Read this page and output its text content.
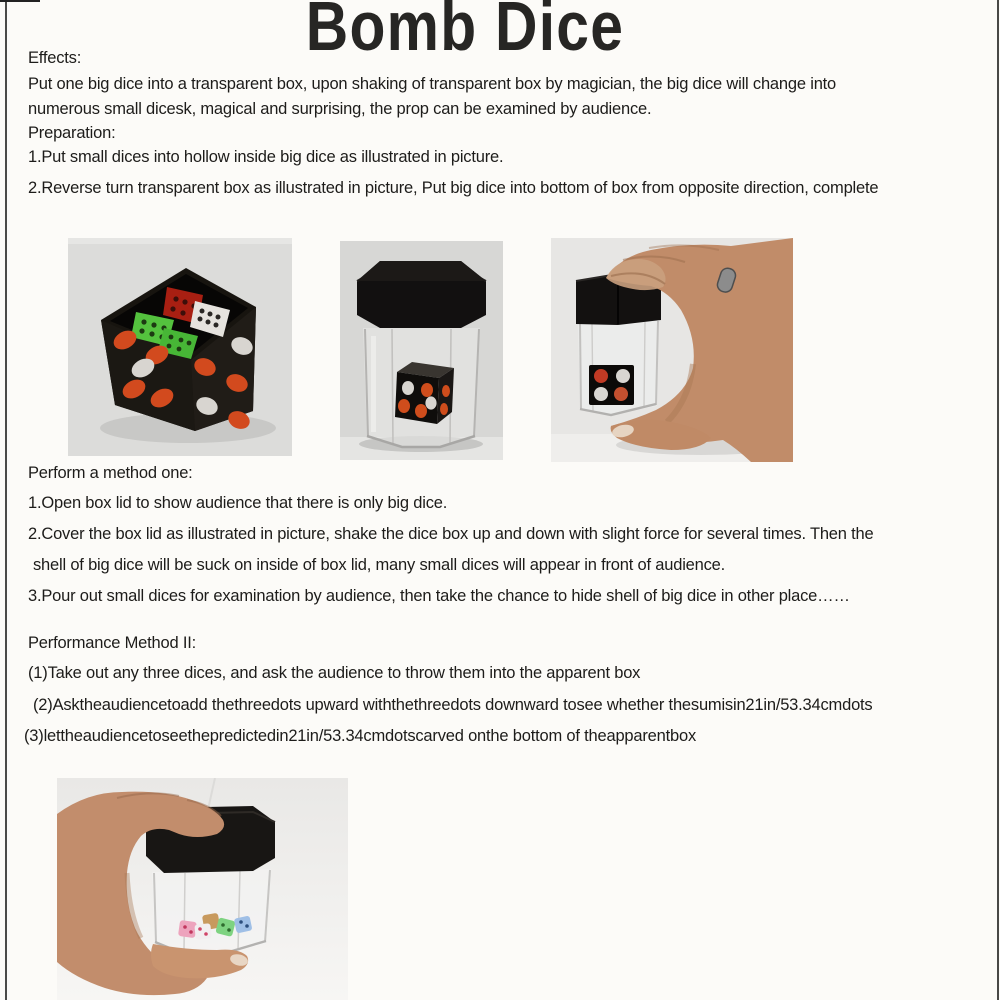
Bomb Dice
Effects:
Put one big dice into a transparent box, upon shaking of transparent box by magician, the big dice will change into
numerous small dicesk, magical and surprising, the prop can be examined by audience.
Preparation:
1.Put small dices into hollow inside big dice as illustrated in picture.
2.Reverse turn transparent box as illustrated in picture, Put big dice into bottom of box from opposite direction, complete
Perform a method one:
1.Open box lid to show audience that there is only big dice.
2.Cover the box lid as illustrated in picture, shake the dice box up and down with slight force for several times. Then the
shell of big dice will be suck on inside of box lid, many small dices will appear in front of audience.
3.Pour out small dices for examination by audience, then take the chance to hide shell of big dice in other place……
Performance Method II:
(1)Take out any three dices, and ask the audience to throw them into the apparent box
(2)Asktheaudiencetoadd thethreedots upward withthethreedots downward tosee whether thesumisin21in/53.34cmdots
(3)lettheaudiencetoseethepredictedin21in/53.34cmdotscarved onthe bottom of theapparentbox
